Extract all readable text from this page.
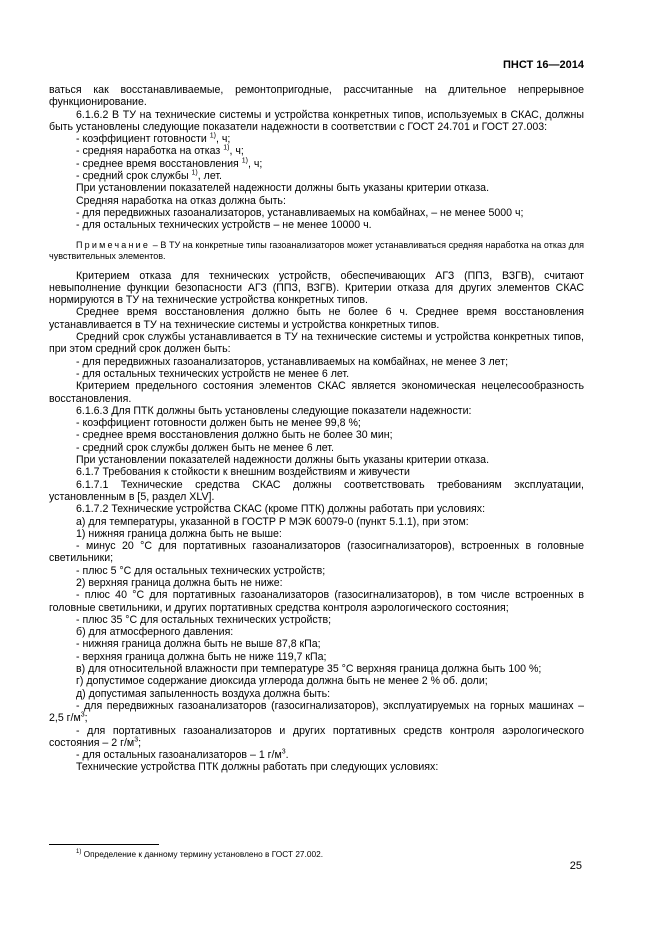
ПНСТ 16—2014

ваться как восстанавливаемые, ремонтопригодные, рассчитанные на длительное непрерывное функционирование.

6.1.6.2 В ТУ на технические системы и устройства конкретных типов, используемых в СКАС, должны быть установлены следующие показатели надежности в соответствии с ГОСТ 24.701 и ГОСТ 27.003:

- коэффициент готовности $^{1)}$, ч;

- средняя наработка на отказ $^{1)}$, ч;

- среднее время восстановления $^{1)}$, ч;

- средний срок службы $^{1)}$, лет.

При установлении показателей надежности должны быть указаны критерии отказа.

Средняя наработка на отказ должна быть:

- для передвижных газоанализаторов, устанавливаемых на комбайнах, – не менее 5000 ч;

- для остальных технических устройств – не менее 10000 ч.

Примечание – В ТУ на конкретные типы газоанализаторов может устанавливаться средняя наработка на отказ для чувствительных элементов.

Критерием отказа для технических устройств, обеспечивающих АГЗ (ППЗ, ВЗГВ), считают невыполнение функции безопасности АГЗ (ППЗ, ВЗГВ). Критерии отказа для других элементов СКАС нормируются в ТУ на технические устройства конкретных типов.

Среднее время восстановления должно быть не более 6 ч. Среднее время восстановления устанавливается в ТУ на технические системы и устройства конкретных типов.

Средний срок службы устанавливается в ТУ на технические системы и устройства конкретных типов, при этом средний срок должен быть:

- для передвижных газоанализаторов, устанавливаемых на комбайнах, не менее 3 лет;

- для остальных технических устройств не менее 6 лет.

Критерием предельного состояния элементов СКАС является экономическая нецелесообразность восстановления.

6.1.6.3 Для ПТК должны быть установлены следующие показатели надежности:

- коэффициент готовности должен быть не менее 99,8 %;

- среднее время восстановления должно быть не более 30 мин;

- средний срок службы должен быть не менее 6 лет.

При установлении показателей надежности должны быть указаны критерии отказа.

6.1.7 Требования к стойкости к внешним воздействиям и живучести

6.1.7.1 Технические средства СКАС должны соответствовать требованиям эксплуатации, установленным в [5, раздел XLV].

6.1.7.2 Технические устройства СКАС (кроме ПТК) должны работать при условиях:

а) для температуры, указанной в ГОСТР Р МЭК 60079-0 (пункт 5.1.1), при этом:

1) нижняя граница должна быть не выше:

- минус 20 °С для портативных газоанализаторов (газосигнализаторов), встроенных в головные светильники;

- плюс 5 °С для остальных технических устройств;

2) верхняя граница должна быть не ниже:

- плюс 40 °С для портативных газоанализаторов (газосигнализаторов), в том числе встроенных в головные светильники, и других портативных средства контроля аэрологического состояния;

- плюс 35 °С для остальных технических устройств;

б) для атмосферного давления:

- нижняя граница должна быть не выше 87,8 кПа;

- верхняя граница должна быть не ниже 119,7 кПа;

в) для относительной влажности при температуре 35 °С верхняя граница должна быть 100 %;

г) допустимое содержание диоксида углерода должна быть не менее 2 % об. доли;

д) допустимая запыленность воздуха должна быть:

- для передвижных газоанализаторов (газосигнализаторов), эксплуатируемых на горных машинах – 2,5 $г/м^3$;

- для портативных газоанализаторов и других портативных средств контроля аэрологического состояния – 2 $г/м^3$;

- для остальных газоанализаторов – 1 $г/м^3$.

Технические устройства ПТК должны работать при следующих условиях:

$^{1)}$ Определение к данному термину установлено в ГОСТ 27.002.
25
